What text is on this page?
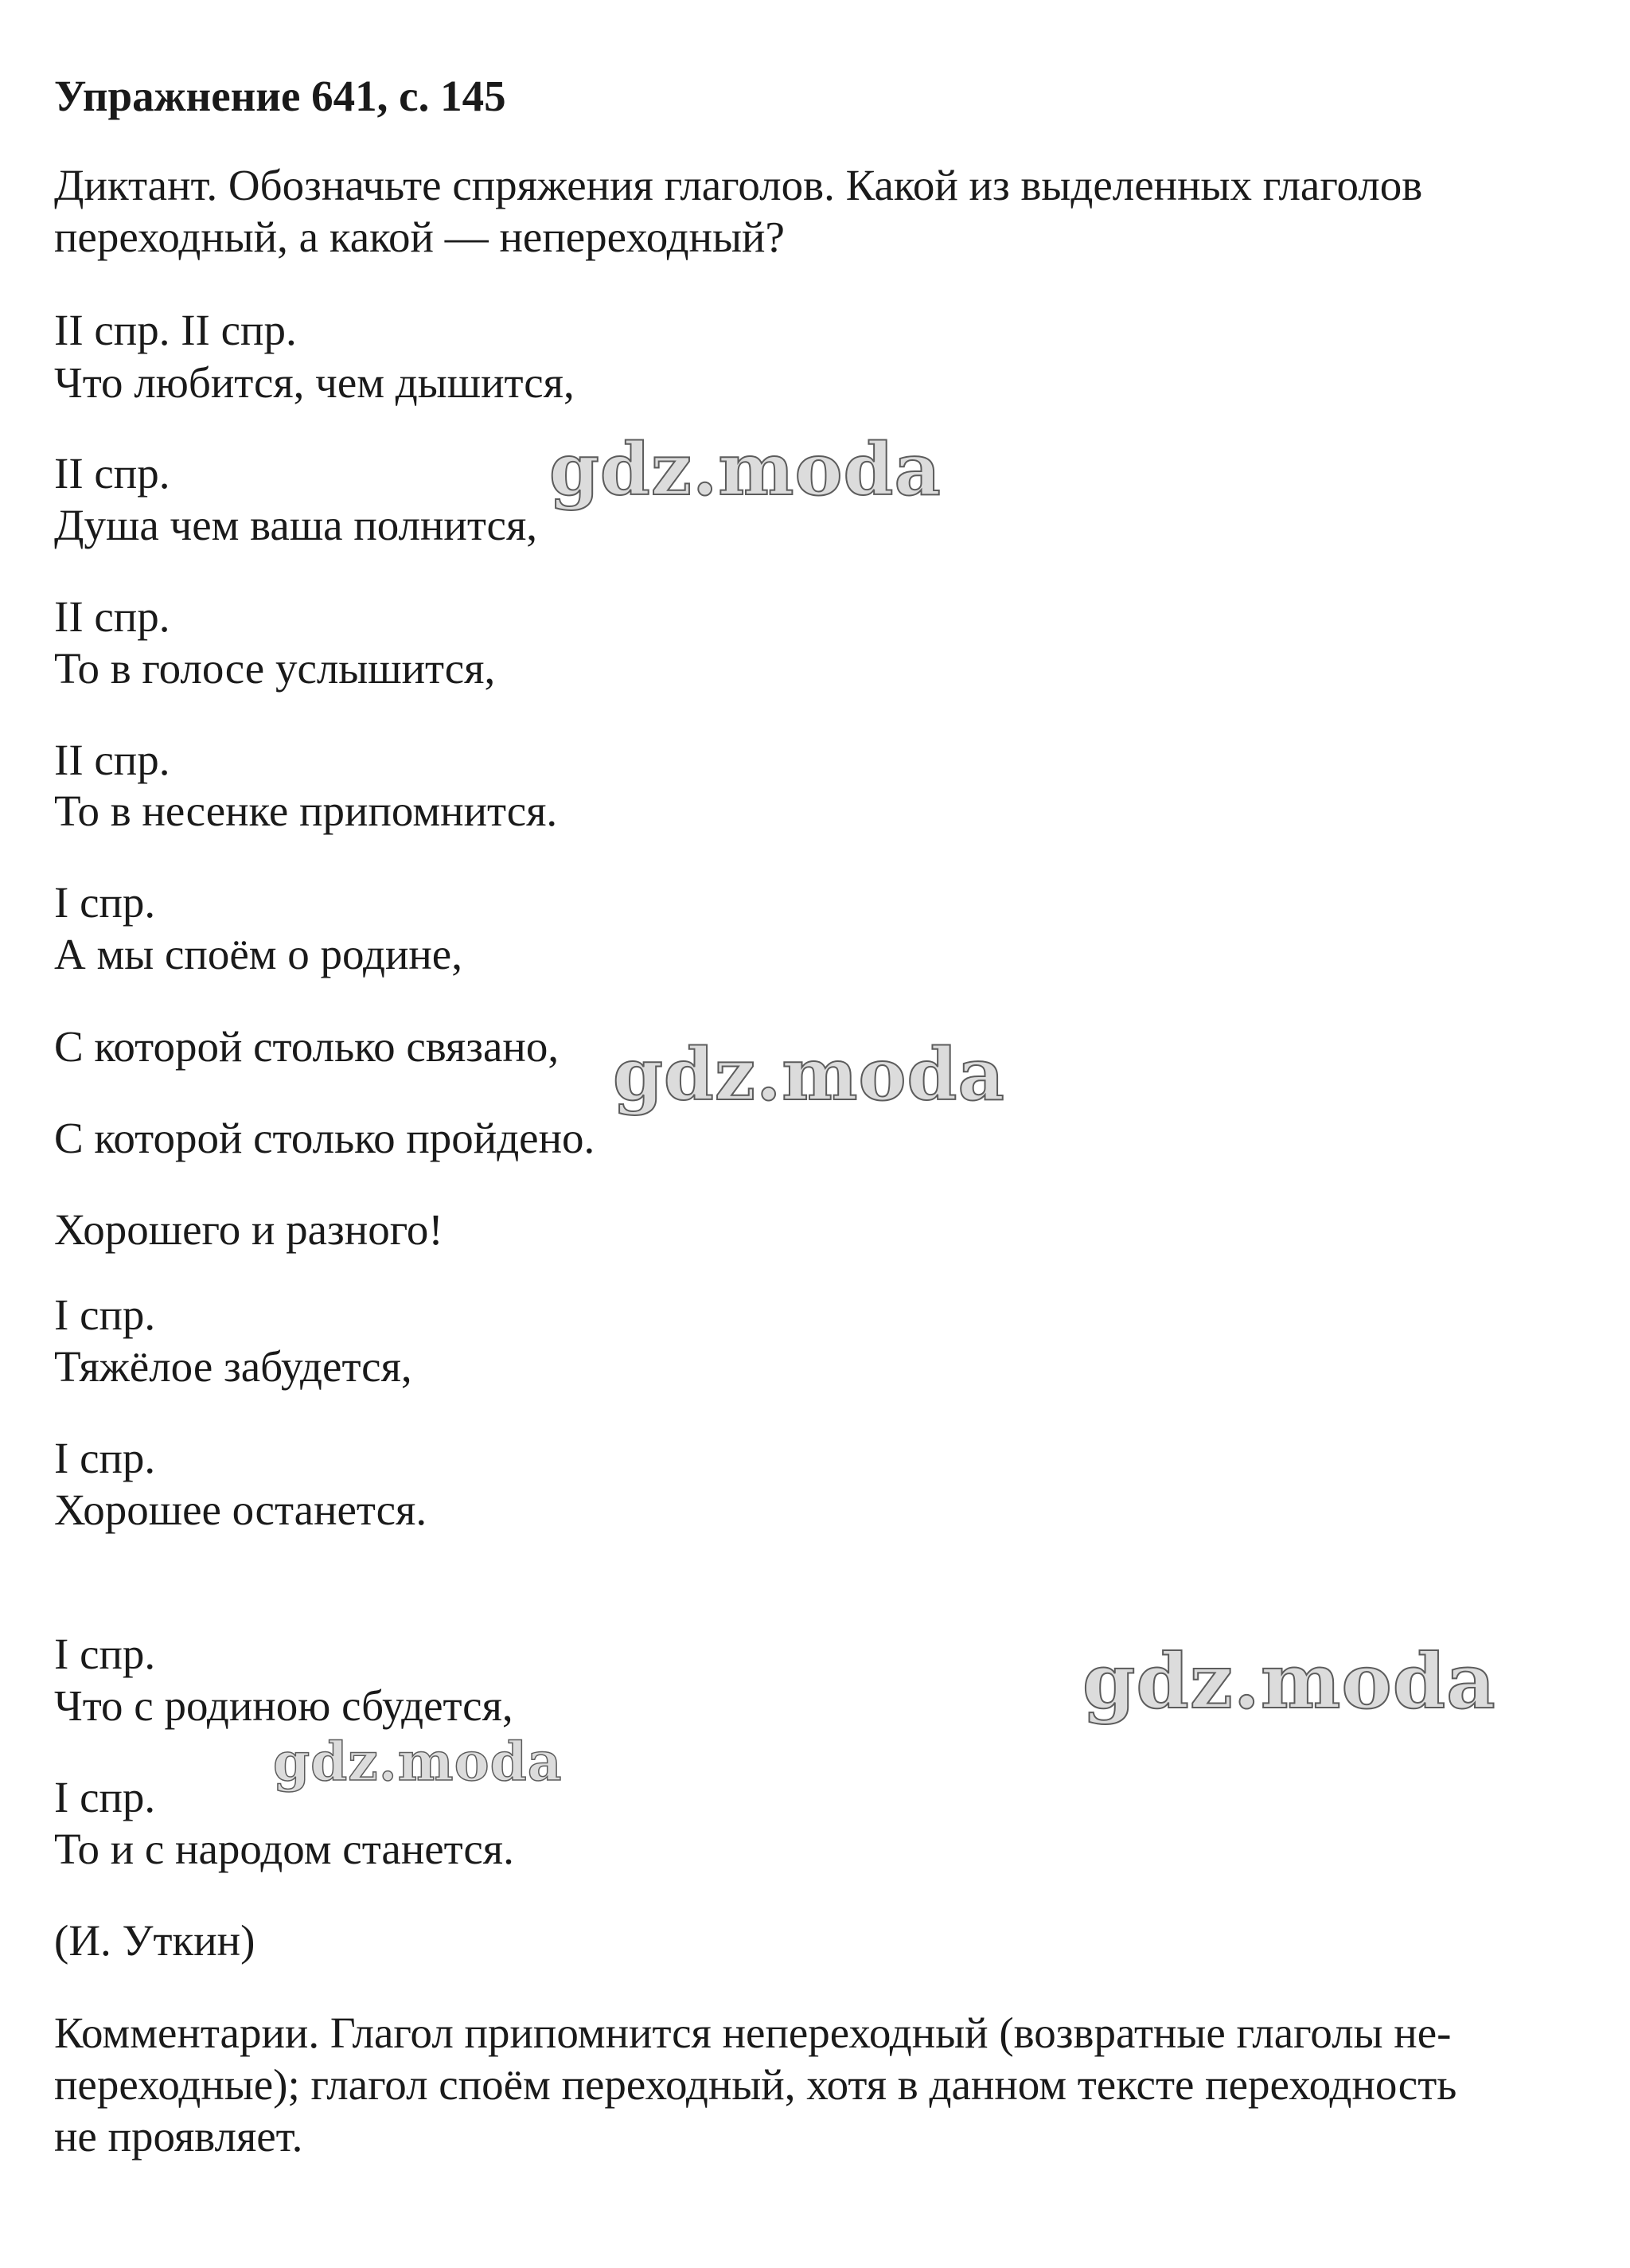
Упражнение 641, с. 145
Диктант. Обозначьте спряжения глаголов. Какой из выделенных глаголов
переходный, а какой — непереходный?
II спр. II спр.
Что любится, чем дышится,
II спр.
Душа чем ваша полнится,
II спр.
То в голосе услышится,
II спр.
То в несенке припомнится.
I спр.
А мы споём о родине,
С которой столько связано,
С которой столько пройдено.
Хорошего и разного!
I спр.
Тяжёлое забудется,
I спр.
Хорошее останется.
I спр.
Что с родиною сбудется,
I спр.
То и с народом станется.
(И. Уткин)
Комментарии. Глагол припомнится непереходный (возвратные глаголы не-
переходные); глагол споём переходный, хотя в данном тексте переходность
не проявляет.
gdz.moda
gdz.moda
gdz.moda
gdz.moda
